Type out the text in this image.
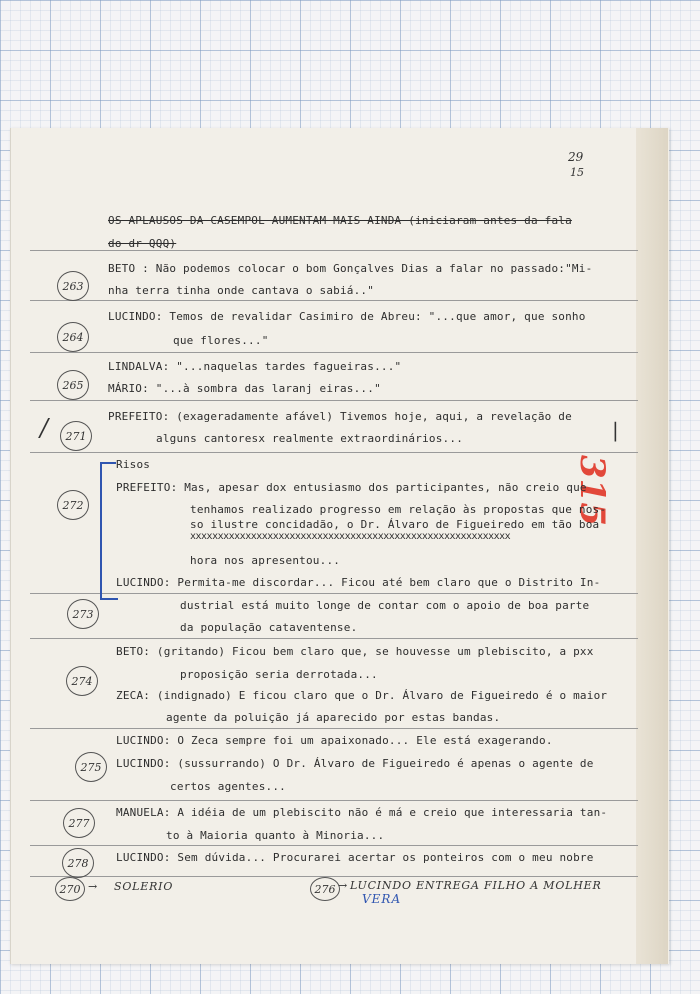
29
15
OS APLAUSOS DA CASEMPOL AUMENTAM MAIS AINDA (iniciaram antes da fala
do dr QQQ)
263
BETO : Não podemos colocar o bom Gonçalves Dias a falar no passado:"Mi-
nha terra tinha onde cantava o sabiá.."
264
LUCINDO: Temos de revalidar Casimiro de Abreu: "...que amor, que sonho
que flores..."
265
LINDALVA: "...naquelas tardes fagueiras..."
MÁRIO: "...à sombra das laranj eiras..."
/	271
PREFEITO: (exageradamente afável) Tivemos hoje, aqui, a revelação de
alguns cantoresx realmente extraordinários...	|
315
272
Risos
PREFEITO: Mas, apesar dox entusiasmo dos participantes, não creio que
tenhamos realizado progresso em relação às propostas que nos-
so ilustre concidadão, o Dr. Álvaro de Figueiredo em tão boa
xxxxxxxxxxxxxxxxxxxxxxxxxxxxxxxxxxxxxxxxxxxxxxxxxxxxxxxxxx
hora nos apresentou...
LUCINDO: Permita-me discordar... Ficou até bem claro que o Distrito In-
273
dustrial está muito longe de contar com o apoio de boa parte
da população cataventense.
274
BETO: (gritando) Ficou bem claro que, se houvesse um plebiscito, a pxx
proposição seria derrotada...
ZECA: (indignado) E ficou claro que o Dr. Álvaro de Figueiredo é o maior
agente da poluição já aparecido por estas bandas.
275
LUCINDO: O Zeca sempre foi um apaixonado... Ele está exagerando.
LUCINDO: (sussurrando) O Dr. Álvaro de Figueiredo é apenas o agente de
certos agentes...
277
MANUELA: A idéia de um plebiscito não é má e creio que interessaria tan-
to à Maioria quanto à Minoria...
278	LUCINDO: Sem dúvida... Procurarei acertar os ponteiros com o meu nobre
270 → SOLERIO	276 → LUCINDO ENTREGA FILHO A MOLHER
VERA
